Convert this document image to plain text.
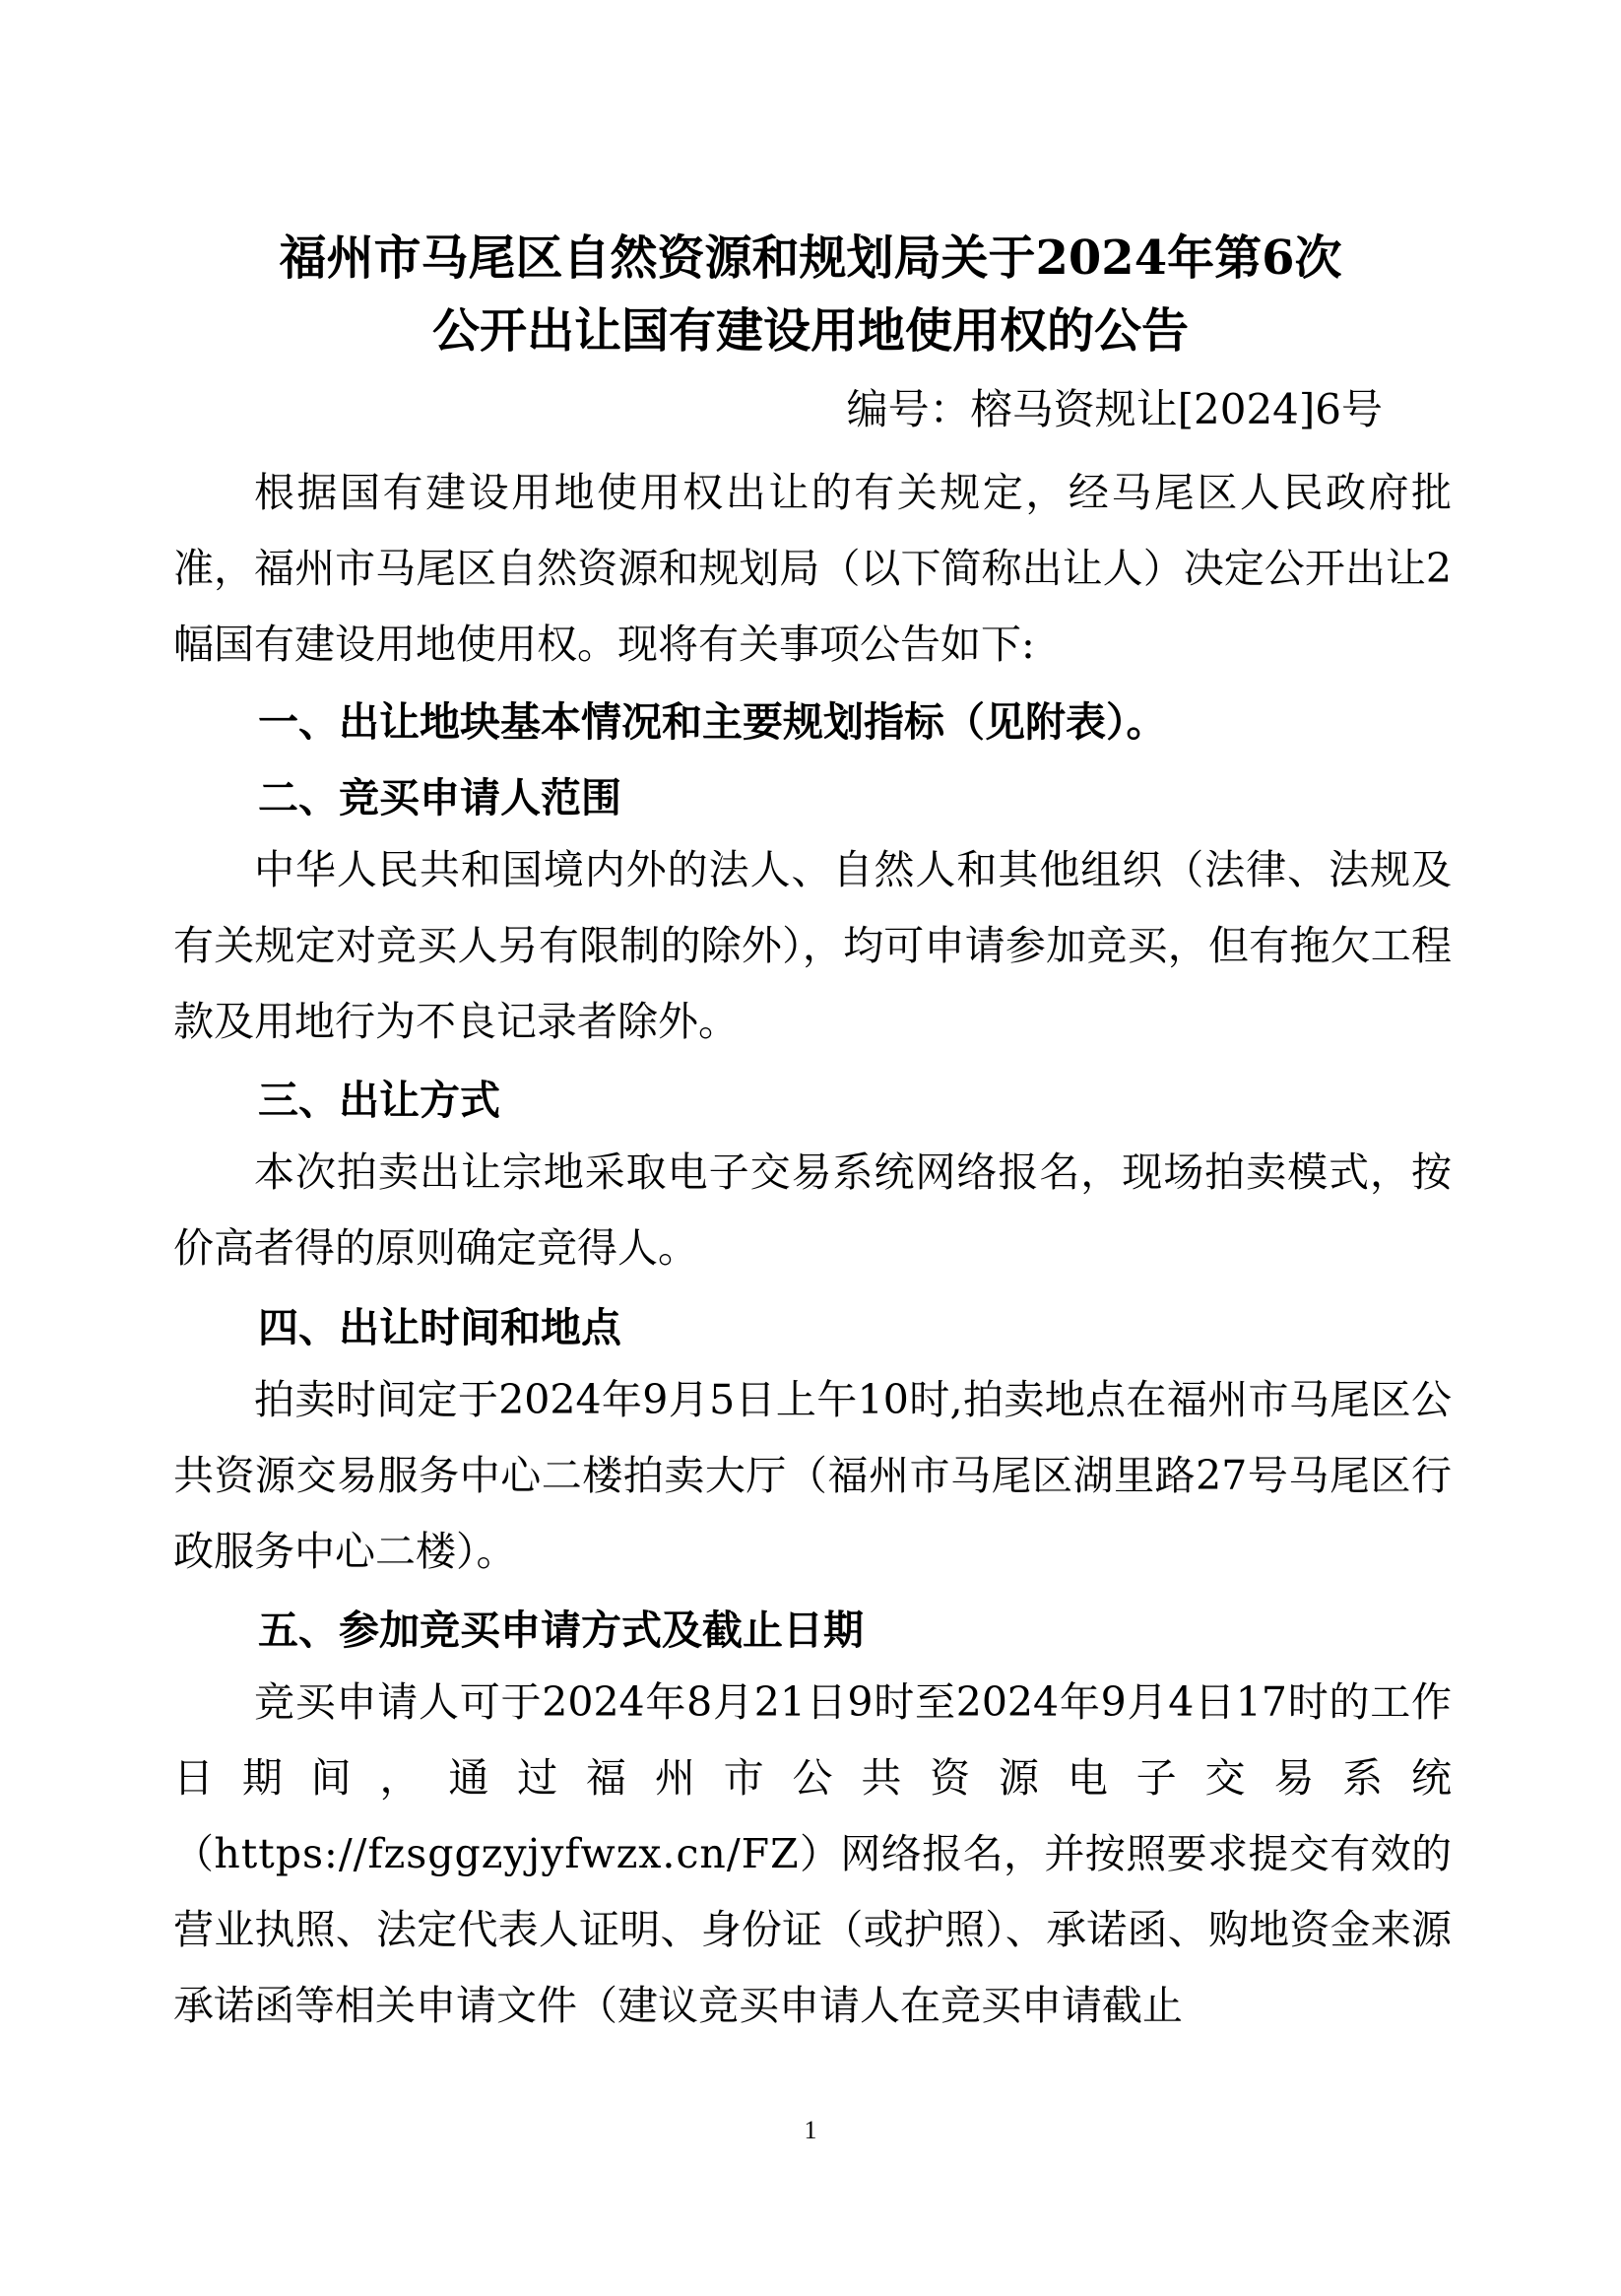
福州市马尾区自然资源和规划局关于2024年第6次
公开出让国有建设用地使用权的公告
编号：榕马资规让[2024]6号

根据国有建设用地使用权出让的有关规定，经马尾区人民政府批准，福州市马尾区自然资源和规划局（以下简称出让人）决定公开出让2幅国有建设用地使用权。现将有关事项公告如下:

一、出让地块基本情况和主要规划指标（见附表）。

二、竞买申请人范围

中华人民共和国境内外的法人、自然人和其他组织（法律、法规及有关规定对竞买人另有限制的除外），均可申请参加竞买，但有拖欠工程款及用地行为不良记录者除外。

三、出让方式

本次拍卖出让宗地采取电子交易系统网络报名，现场拍卖模式，按价高者得的原则确定竞得人。

四、出让时间和地点

拍卖时间定于2024年9月5日上午10时,拍卖地点在福州市马尾区公共资源交易服务中心二楼拍卖大厅（福州市马尾区湖里路27号马尾区行政服务中心二楼）。

五、参加竞买申请方式及截止日期

竞买申请人可于2024年8月21日9时至2024年9月4日17时的工作日期间，通过福州市公共资源电子交易系统（https://fzsggzyjyfwzx.cn/FZ）网络报名，并按照要求提交有效的营业执照、法定代表人证明、身份证（或护照）、承诺函、购地资金来源承诺函等相关申请文件（建议竞买申请人在竞买申请截止

1
